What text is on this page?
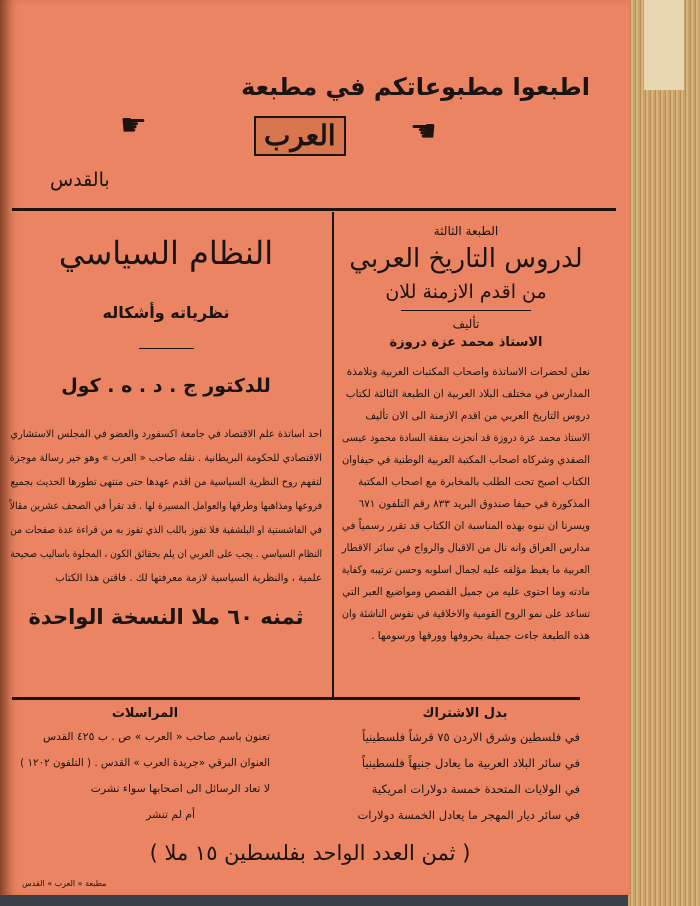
اطبعوا مطبوعاتكم في مطبعة
☛	☛
العرب
بالقدس
الطبعة الثالثة
لدروس التاريخ العربي
من اقدم الازمنة للان
تأليف
الاستاذ محمد عزة دروزة
نعلن لحضرات الاساتذة واصحاب المكتبات العربية وتلامذة
المدارس في مختلف البلاد العربية ان الطبعة الثالثة لكتاب
دروس التاريخ العربي من اقدم الازمنة الى الان تأليف
الاستاذ محمد عزة دروزة قد انجزت بنفقة السادة محمود عيسى
الصفدي وشركاه اصحاب المكتبة العربية الوطنية في حيفاوان
الكتاب اصبح تحت الطلب بالمخابرة مع اصحاب المكتبة
المذكورة في حيفا صندوق البريد ٨٣٣ رقم التلفون ٦٧١
ويسرنا ان ننوه بهذه المناسبة ان الكتاب قد تقرر رسمياً في
مدارس العراق وانه نال من الاقبال والرواج في سائر الاقطار
العربية ما يغبط مؤلفه عليه لجمال اسلوبه وحسن ترتيبه وكفاية
مادته وما احتوى عليه من جميل القصص ومواضيع العبر التي
تساعد على نمو الروح القومية والاخلاقية في نفوس الناشئة وان
هذه الطبعة جاءت جميلة بحروفها وورقها ورسومها .
النظام السياسي
نظرياته وأشكاله
للدكتور ج . د . ه . كول
احد اساتذة علم الاقتصاد في جامعة اكسفورد والعضو في المجلس الاستشاري
الاقتصادي للحكومة البريطانية . نقله صاحب « العرب » وهو خير رسالة موجزة
لتفهم روح النظرية السياسية من اقدم عهدها حتى منتهى تطورها الحديث بجميع
فروعها ومذاهبها وطرقها والعوامل المسيرة لها . قد تقرأ في الصحف عشرين مقالاً
في الفاشستية او البلشفية فلا تفوز باللب الذي تفوز به من قراءة عدة صفحات من
النظام السياسي . يجب على العربي ان يلم بحقائق الكون ، المجلوة باساليب صحيحة
علمية ، والنظرية السياسية لازمة معرفتها لك . فاقتن هذا الكتاب
ثمنه ٦٠ ملا النسخة الواحدة
بدل الاشتراك
في فلسطين وشرق الاردن ٧٥ قرشاً فلسطينياً
في سائر البلاد العربية ما يعادل جنيهاً فلسطينياً
في الولايات المتحدة خمسة دولارات امريكية
في سائر ديار المهجر ما يعادل الخمسة دولارات
المراسلات
تعنون باسم صاحب « العرب » ص . ب ٤٢٥ القدس
العنوان البرقي «جريدة العرب » القدس . ( التلفون ١٢٠٢ )
لا تعاد الرسائل الى اصحابها سواء نشرت
أم لم تنشر
( ثمن العدد الواحد بفلسطين ١٥ ملا )
مطبعة « العرب » القدس
